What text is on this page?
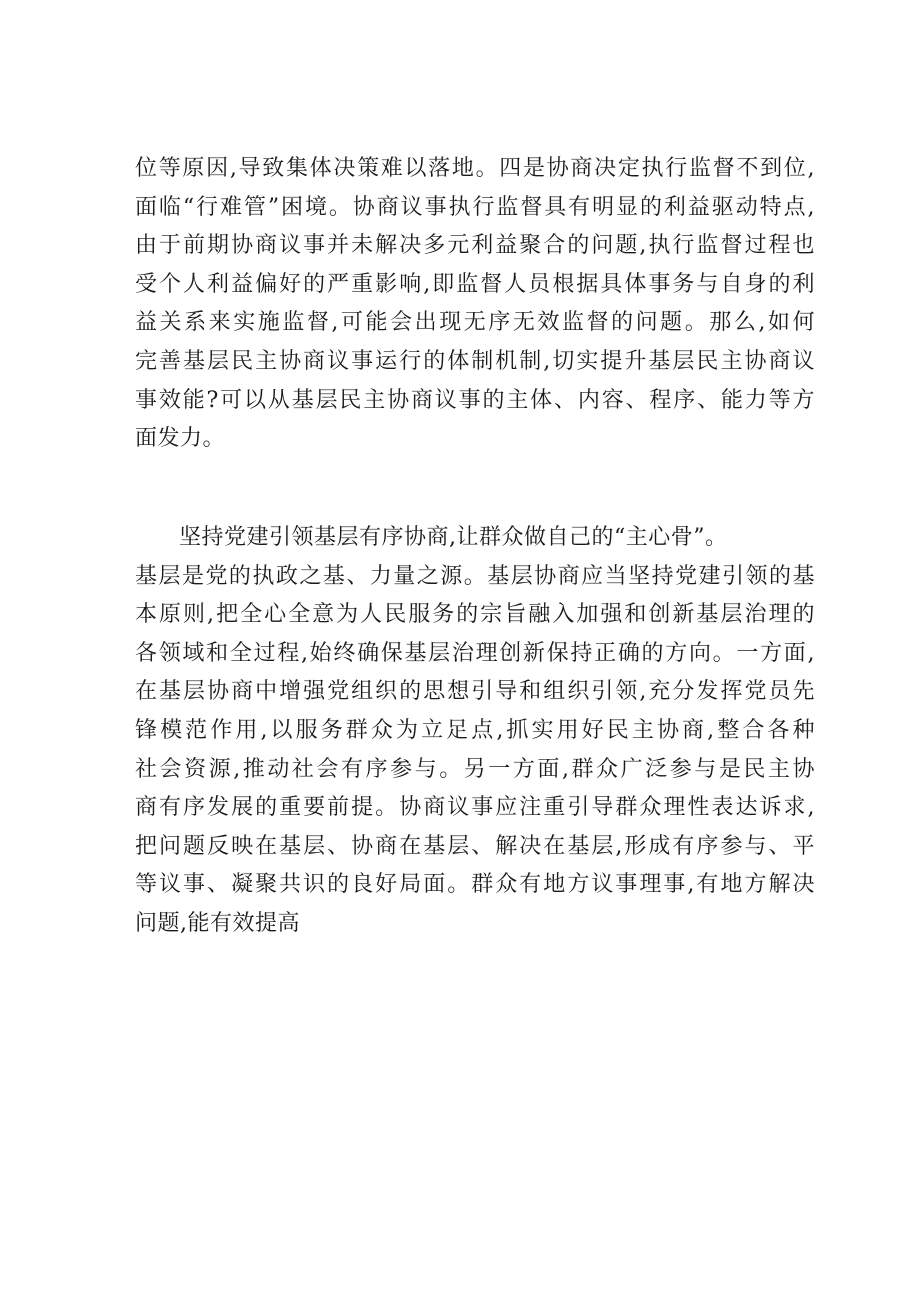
位等原因,导致集体决策难以落地。四是协商决定执行监督不到位,
面临“行难管”困境。协商议事执行监督具有明显的利益驱动特点,
由于前期协商议事并未解决多元利益聚合的问题,执行监督过程也
受个人利益偏好的严重影响,即监督人员根据具体事务与自身的利
益关系来实施监督,可能会出现无序无效监督的问题。那么,如何
完善基层民主协商议事运行的体制机制,切实提升基层民主协商议
事效能?可以从基层民主协商议事的主体、内容、程序、能力等方
面发力。
坚持党建引领基层有序协商,让群众做自己的“主心骨”。
基层是党的执政之基、力量之源。基层协商应当坚持党建引领的基
本原则,把全心全意为人民服务的宗旨融入加强和创新基层治理的
各领域和全过程,始终确保基层治理创新保持正确的方向。一方面,
在基层协商中增强党组织的思想引导和组织引领,充分发挥党员先
锋模范作用,以服务群众为立足点,抓实用好民主协商,整合各种
社会资源,推动社会有序参与。另一方面,群众广泛参与是民主协
商有序发展的重要前提。协商议事应注重引导群众理性表达诉求,
把问题反映在基层、协商在基层、解决在基层,形成有序参与、平
等议事、凝聚共识的良好局面。群众有地方议事理事,有地方解决
问题,能有效提高
